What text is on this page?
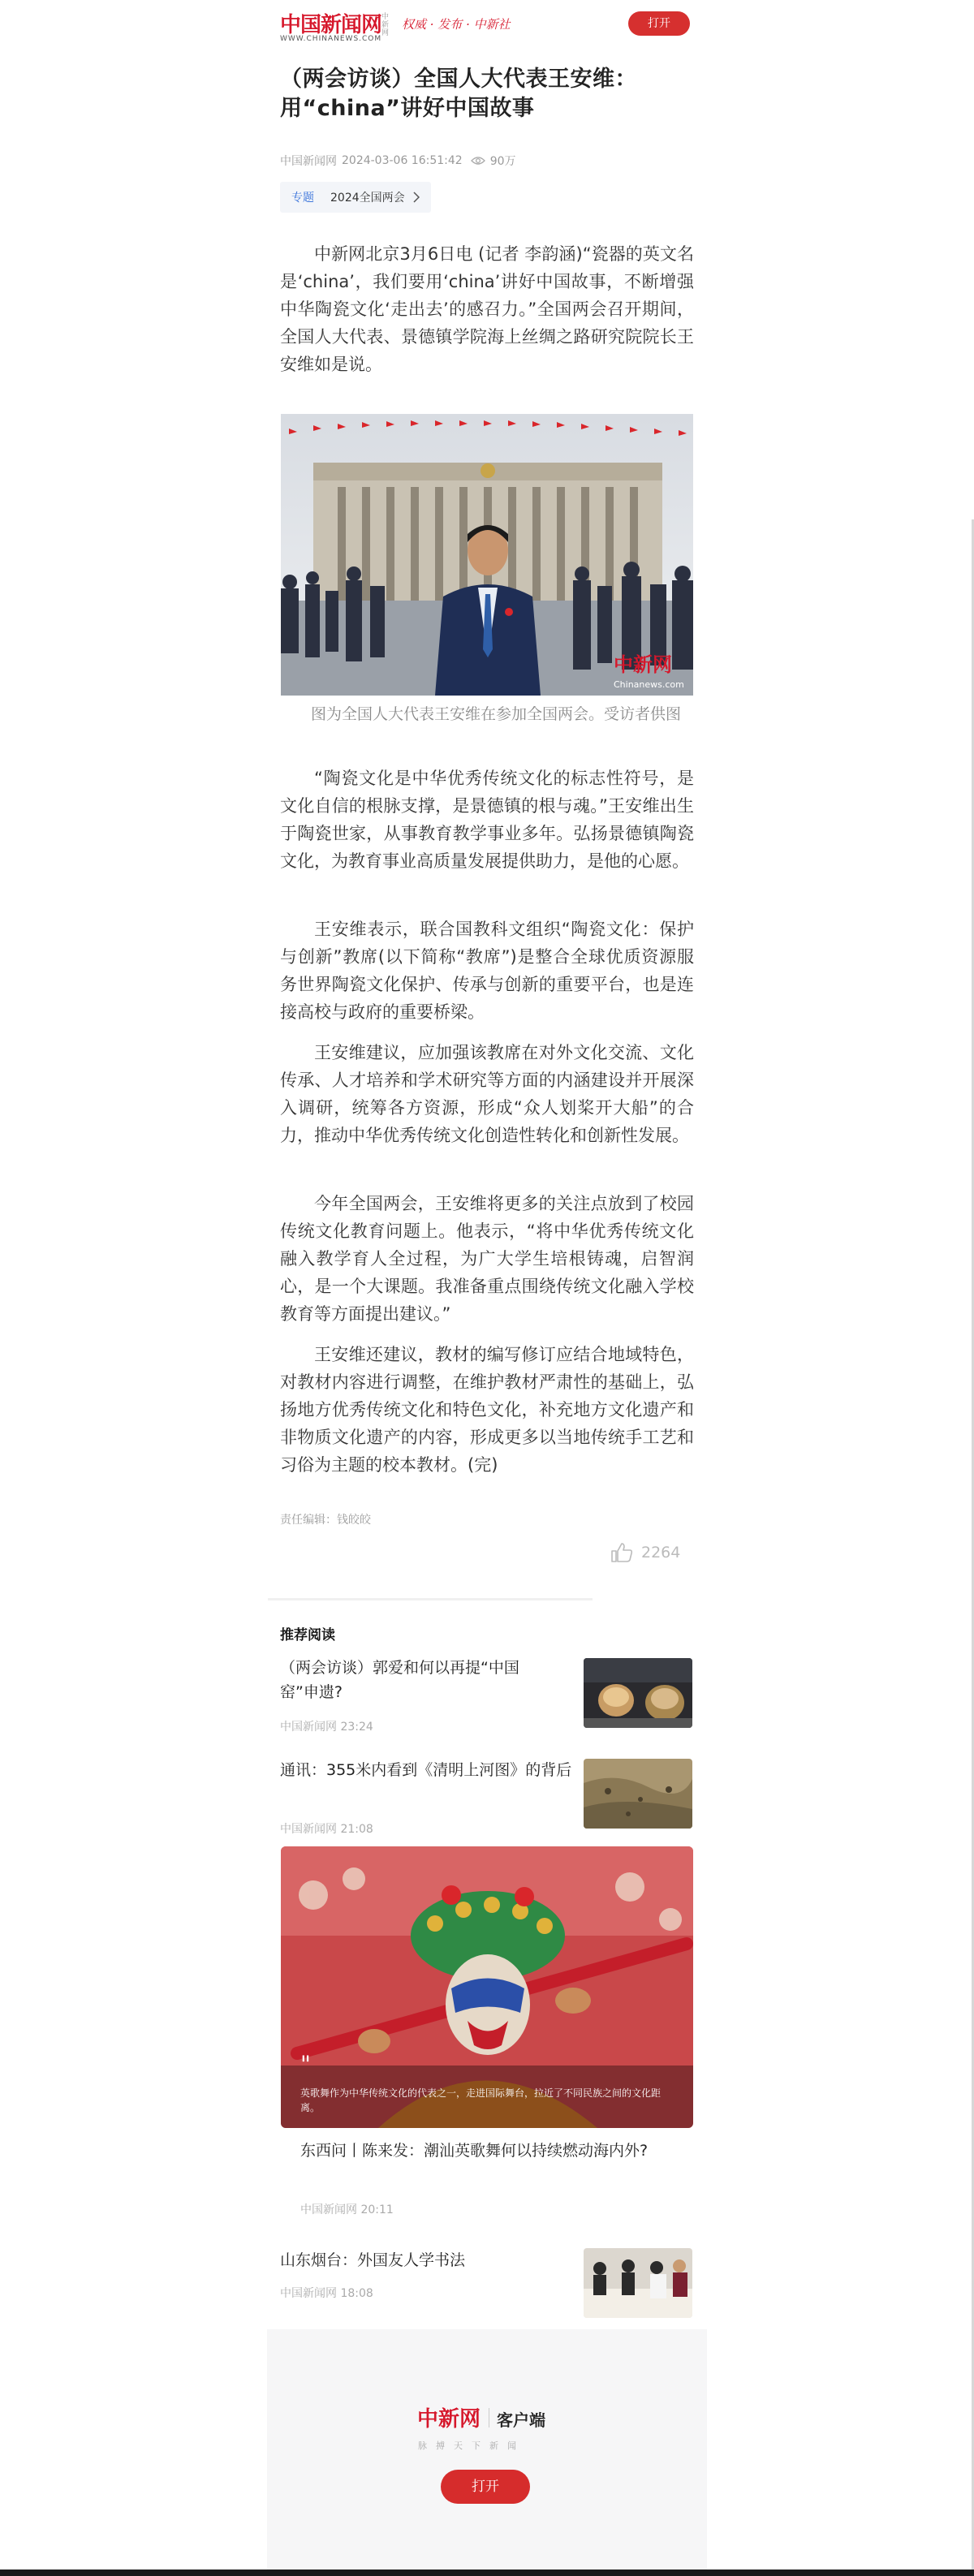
中国新闻网 中新网
WWW.CHINANEWS.COM
权威 · 发布 · 中新社	打开
（两会访谈）全国人大代表王安维：用“china”讲好中国故事
中国新闻网 2024-03-06 16:51:42 90万
专题 2024全国两会

中新网北京3月6日电 (记者 李韵涵)“瓷器的英文名是‘china’，我们要用‘china’讲好中国故事，不断增强中华陶瓷文化‘走出去’的感召力。”全国两会召开期间，全国人大代表、景德镇学院海上丝绸之路研究院院长王安维如是说。

中新网
Chinanews.com

图为全国人大代表王安维在参加全国两会。受访者供图

“陶瓷文化是中华优秀传统文化的标志性符号，是文化自信的根脉支撑，是景德镇的根与魂。”王安维出生于陶瓷世家，从事教育教学事业多年。弘扬景德镇陶瓷文化，为教育事业高质量发展提供助力，是他的心愿。

王安维表示，联合国教科文组织“陶瓷文化：保护与创新”教席(以下简称“教席”)是整合全球优质资源服务世界陶瓷文化保护、传承与创新的重要平台，也是连接高校与政府的重要桥梁。

王安维建议，应加强该教席在对外文化交流、文化传承、人才培养和学术研究等方面的内涵建设并开展深入调研，统筹各方资源，形成“众人划桨开大船”的合力，推动中华优秀传统文化创造性转化和创新性发展。

今年全国两会，王安维将更多的关注点放到了校园传统文化教育问题上。他表示，“将中华优秀传统文化融入教学育人全过程，为广大学生培根铸魂，启智润心，是一个大课题。我准备重点围绕传统文化融入学校教育等方面提出建议。”

王安维还建议，教材的编写修订应结合地域特色，对教材内容进行调整，在维护教材严肃性的基础上，弘扬地方优秀传统文化和特色文化，补充地方文化遗产和非物质文化遗产的内容，形成更多以当地传统手工艺和习俗为主题的校本教材。(完)

责任编辑：钱皎皎
2264
推荐阅读
（两会访谈）郭爱和何以再提“中国窑”申遗?
中国新闻网 23:24
通讯：355米内看到《清明上河图》的背后
中国新闻网 21:08
"
英歌舞作为中华传统文化的代表之一，走进国际舞台，拉近了不同民族之间的文化距离。
东西问丨陈来发：潮汕英歌舞何以持续燃动海内外?
中国新闻网 20:11
山东烟台：外国友人学书法
中国新闻网 18:08
中新网 客户端
脉搏天下新闻
打开
